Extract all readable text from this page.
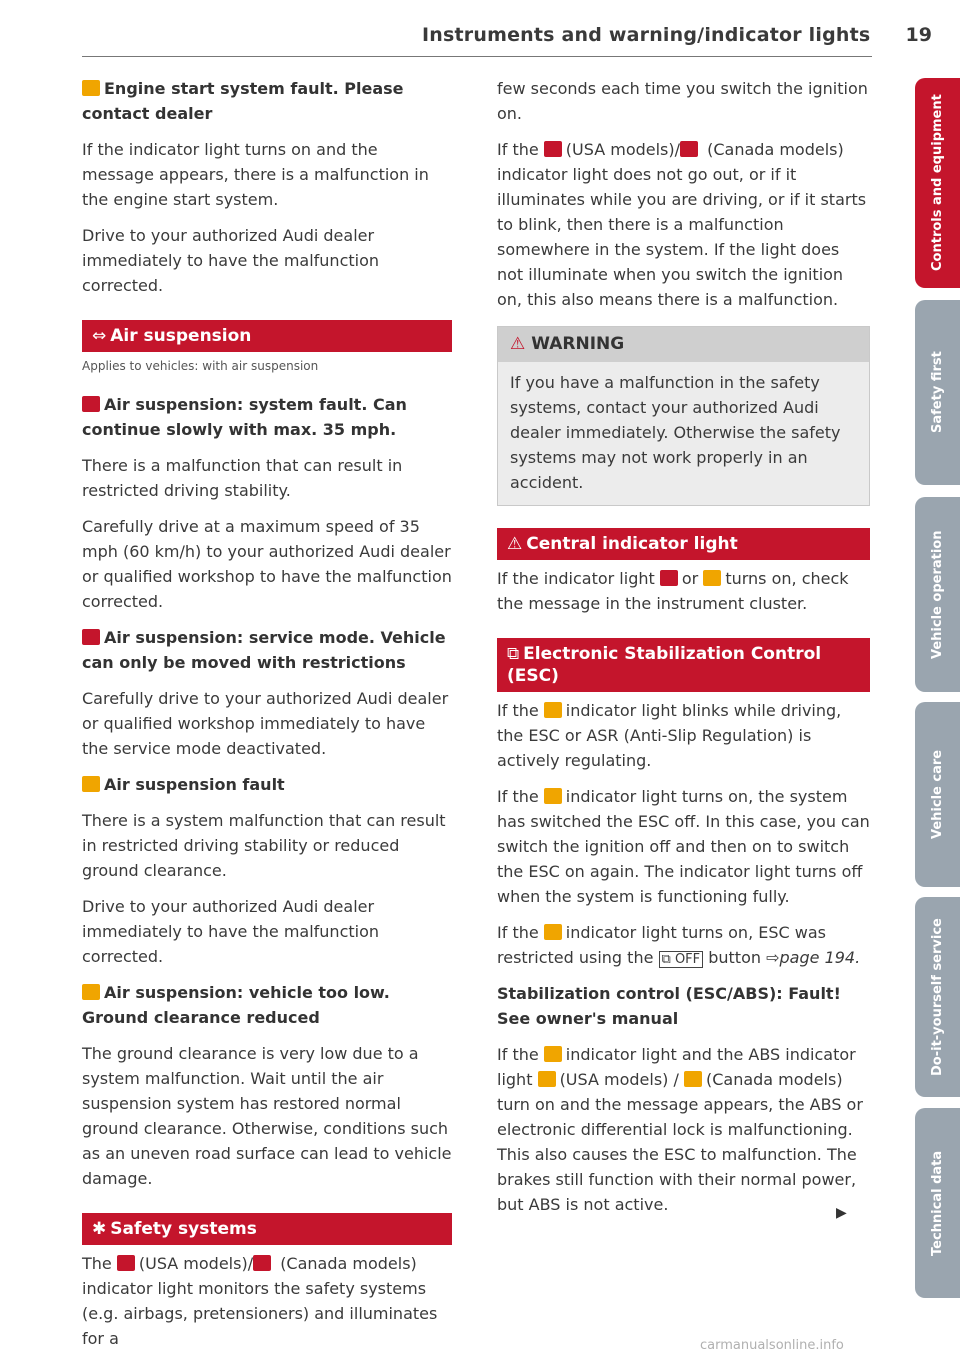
Instruments and warning/indicator lights 19
Engine start system fault. Please contact dealer

If the indicator light turns on and the message appears, there is a malfunction in the engine start system.

Drive to your authorized Audi dealer immediately to have the malfunction corrected.

⇔ Air suspension
Applies to vehicles: with air suspension
Air suspension: system fault. Can continue slowly with max. 35 mph.

There is a malfunction that can result in restricted driving stability.

Carefully drive at a maximum speed of 35 mph (60 km/h) to your authorized Audi dealer or qualified workshop to have the malfunction corrected.

Air suspension: service mode. Vehicle can only be moved with restrictions

Carefully drive to your authorized Audi dealer or qualified workshop immediately to have the service mode deactivated.

Air suspension fault

There is a system malfunction that can result in restricted driving stability or reduced ground clearance.

Drive to your authorized Audi dealer immediately to have the malfunction corrected.

Air suspension: vehicle too low. Ground clearance reduced

The ground clearance is very low due to a system malfunction. Wait until the air suspension system has restored normal ground clearance. Otherwise, conditions such as an uneven road surface can lead to vehicle damage.

✱ Safety systems

The (USA models)/ (Canada models) indicator light monitors the safety systems (e.g. airbags, pretensioners) and illuminates for a

few seconds each time you switch the ignition on.

If the (USA models)/ (Canada models) indicator light does not go out, or if it illuminates while you are driving, or if it starts to blink, then there is a malfunction somewhere in the system. If the light does not illuminate when you switch the ignition on, this also means there is a malfunction.

⚠ WARNING

If you have a malfunction in the safety systems, contact your authorized Audi dealer immediately. Otherwise the safety systems may not work properly in an accident.

⚠ Central indicator light

If the indicator light or turns on, check the message in the instrument cluster.

⧉ Electronic Stabilization Control (ESC)

If the indicator light blinks while driving, the ESC or ASR (Anti-Slip Regulation) is actively regulating.

If the indicator light turns on, the system has switched the ESC off. In this case, you can switch the ignition off and then on to switch the ESC on again. The indicator light turns off when the system is functioning fully.

If the indicator light turns on, ESC was restricted using the ⧉ OFF button ⇨page 194.

Stabilization control (ESC/ABS): Fault! See owner's manual

If the indicator light and the ABS indicator light (USA models) / (Canada models) turn on and the message appears, the ABS or electronic differential lock is malfunctioning. This also causes the ESC to malfunction. The brakes still function with their normal power, but ABS is not active.	▶
Controls and equipment
Safety first
Vehicle operation
Vehicle care
Do-it-yourself service
Technical data
carmanualsonline.info
